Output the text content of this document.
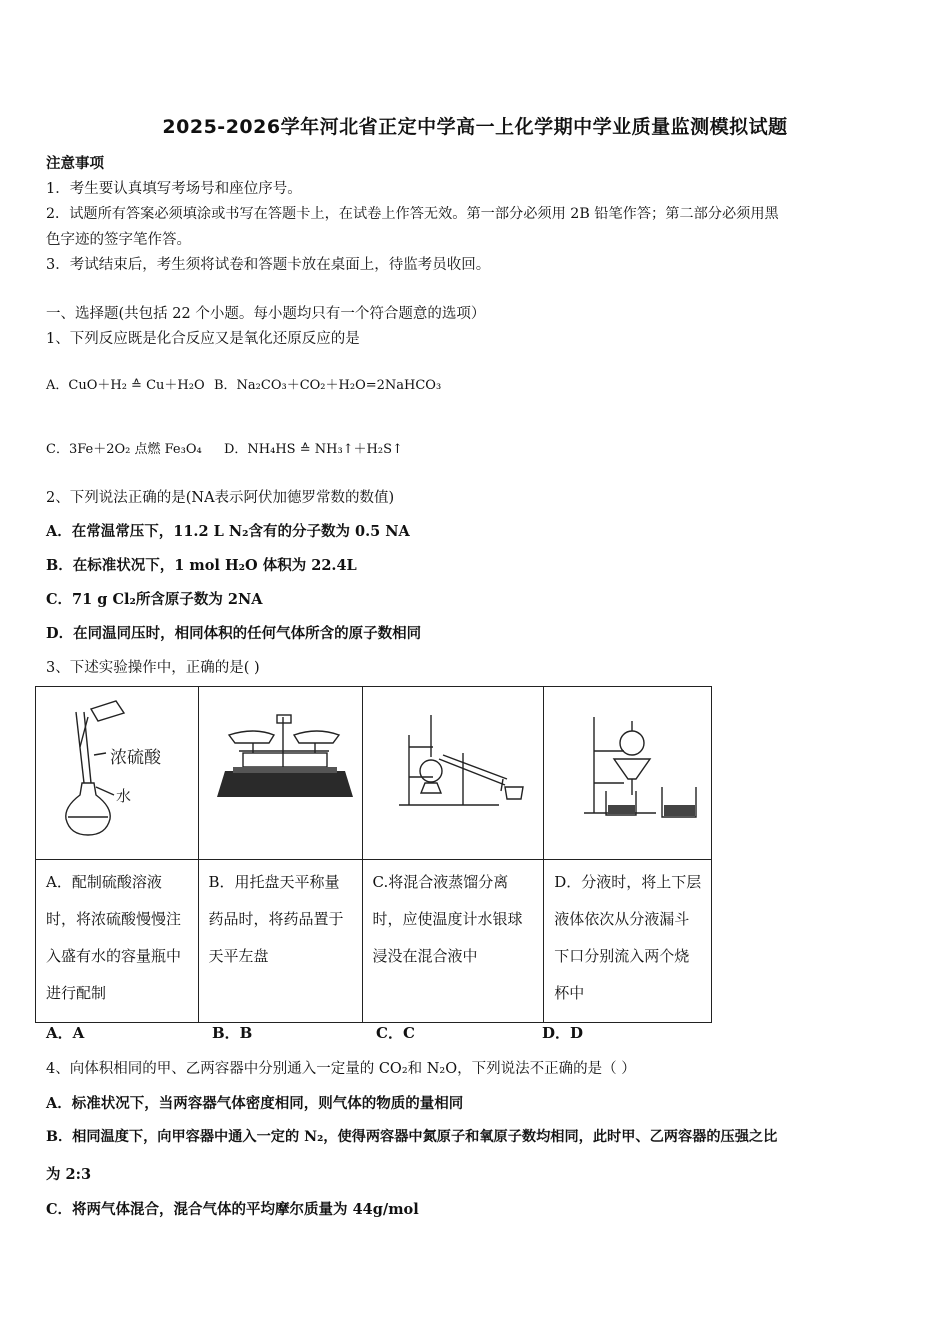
2025-2026学年河北省正定中学高一上化学期中学业质量监测模拟试题
注意事项
1．考生要认真填写考场号和座位序号。
2．试题所有答案必须填涂或书写在答题卡上，在试卷上作答无效。第一部分必须用 2B 铅笔作答；第二部分必须用黑
色字迹的签字笔作答。
3．考试结束后，考生须将试卷和答题卡放在桌面上，待监考员收回。
一、选择题(共包括 22 个小题。每小题均只有一个符合题意的选项）
1、下列反应既是化合反应又是氧化还原反应的是
A．CuO＋H₂ ≙ Cu＋H₂O B．Na₂CO₃＋CO₂＋H₂O=2NaHCO₃
C．3Fe＋2O₂ 点燃 Fe₃O₄ D．NH₄HS ≙ NH₃↑＋H₂S↑
2、下列说法正确的是(NA表示阿伏加德罗常数的数值)
A．在常温常压下，11.2 L N₂含有的分子数为 0.5 NA
B．在标准状况下，1 mol H₂O 体积为 22.4L
C．71 g Cl₂所含原子数为 2NA
D．在同温同压时，相同体积的任何气体所含的原子数相同
3、下述实验操作中，正确的是( )
浓硫酸
水

A．配制硫酸溶液时，将浓硫酸慢慢注入盛有水的容量瓶中进行配制	B．用托盘天平称量药品时，将药品置于天平左盘	C.将混合液蒸馏分离时，应使温度计水银球浸没在混合液中	D．分液时，将上下层液体依次从分液漏斗下口分别流入两个烧杯中
A．A	B．B	C．C	D．D
4、向体积相同的甲、乙两容器中分别通入一定量的 CO₂和 N₂O，下列说法不正确的是（ ）
A．标准状况下，当两容器气体密度相同，则气体的物质的量相同
B．相同温度下，向甲容器中通入一定的 N₂，使得两容器中氮原子和氧原子数均相同，此时甲、乙两容器的压强之比
为 2:3
C．将两气体混合，混合气体的平均摩尔质量为 44g/mol
